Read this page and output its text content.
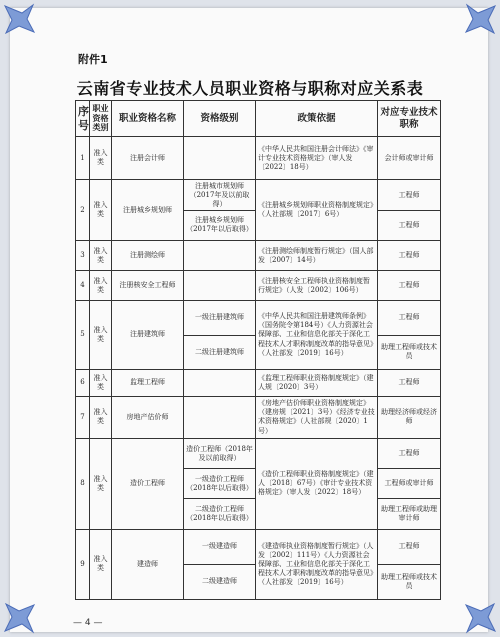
附件1
云南省专业技术人员职业资格与职称对应关系表
序号	职业资格类别	职业资格名称	资格级别	政策依据	对应专业技术职称
1	准入类	注册会计师		《中华人民共和国注册会计师法》《审计专业技术资格规定》（审人发〔2022〕18号）	会计师或审计师
2	准入类	注册城乡规划师	注册城市规划师（2017年及以前取得）	《注册城乡规划师职业资格制度规定》（人社部规〔2017〕6号）	工程师
			注册城乡规划师（2017年以后取得）		工程师
3	准入类	注册测绘师		《注册测绘师制度暂行规定》（国人部发〔2007〕14号）	工程师
4	准入类	注册核安全工程师		《注册核安全工程师执业资格制度暂行规定》（人发〔2002〕106号）	工程师
5	准入类	注册建筑师	一级注册建筑师	《中华人民共和国注册建筑师条例》（国务院令第184号）《人力资源社会保障部、工业和信息化部关于深化工程技术人才职称制度改革的指导意见》（人社部发〔2019〕16号）	工程师
			二级注册建筑师		助理工程师或技术员
6	准入类	监理工程师		《监理工程师职业资格制度规定》（建人规〔2020〕3号）	工程师
7	准入类	房地产估价师		《房地产估价师职业资格制度规定》（建房规〔2021〕3号）《经济专业技术资格规定》（人社部规〔2020〕1号）	助理经济师或经济师
8	准入类	造价工程师	造价工程师（2018年及以前取得）	《造价工程师职业资格制度规定》（建人〔2018〕67号）《审计专业技术资格规定》（审人发〔2022〕18号）	工程师
			一级造价工程师（2018年以后取得）		工程师或审计师
			二级造价工程师（2018年以后取得）		助理工程师或助理审计师
9	准入类	建造师	一级建造师	《建造师执业资格制度暂行规定》（人发〔2002〕111号）《人力资源社会保障部、工业和信息化部关于深化工程技术人才职称制度改革的指导意见》（人社部发〔2019〕16号）	工程师
			二级建造师		助理工程师或技术员
— 4 —
